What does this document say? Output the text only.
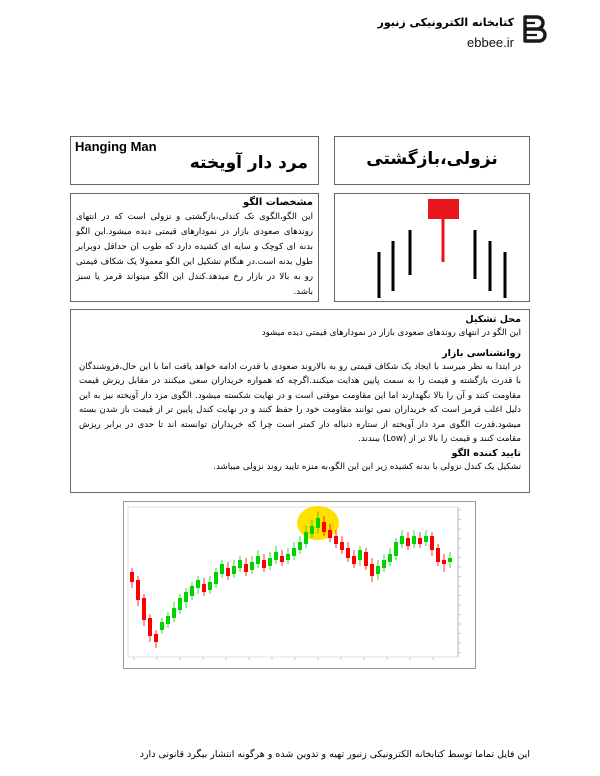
کتابخانه الکترونیکی زنبور
ebbee.ir
Hanging Man
مرد دار آویخته	نزولی،بازگشتی
مشخصات الگو
این الگو،الگوی تک کندلی،بازگشتی و نزولی است که در انتهای روندهای صعودی بازار در نمودارهای قیمتی دیده میشود.این الگو بدنه ای کوچک و سایه ای کشیده دارد که طوب ان حداقل دوبرابر طول بدنه است.در هنگام تشکیل این الگو معمولا یک شکاف قیمتی رو به بالا در بازار رخ میدهد.کندل این الگو میتواند قرمز یا سبز باشد.
محل تشکیل
این الگو در انتهای روندهای صعودی بازار در نمودارهای قیمتی دیده میشود
روانشناسی بازار
در ابتدا به نظر میرسد با ایجاد یک شکاف قیمتی رو به بالاروند صعودی با قدرت ادامه خواهد یافت اما با این حال،فروشندگان با قدرت بازگشته و قیمت را به سمت پایین هدایت میکنند.اگرچه که همواره خریداران سعی میکنند در مقابل ریزش قیمت مقاومت کنند و آن را بالا نگهدارند اما این مقاومت موقتی است و در نهایت شکسته میشود. الگوی مرد دار آویخته نیز به این دلیل اغلب قرمز است که خریداران نمی توانند مقاومت خود را حفظ کنند و در نهایت کندل پایین تر از قیمت باز شدن بسته میشود.قدرت الگوی مرد دار آویخته از ستاره دنباله دار کمتر است چرا که خریداران توانسته اند تا حدی در برابر ریزش مقامت کنند و قیمت را بالا تر از (Low) ببندند.
تایید کننده الگو
تشکیل یک کندل نزولی با بدنه کشیده زیر این این الگو،به منزه تایید روند نزولی میباشد.
این فایل تماما توسط کتابخانه الکترونیکی زنبور تهیه و تدوین شده و هرگونه انتشار بیگرد قانونی دارد
